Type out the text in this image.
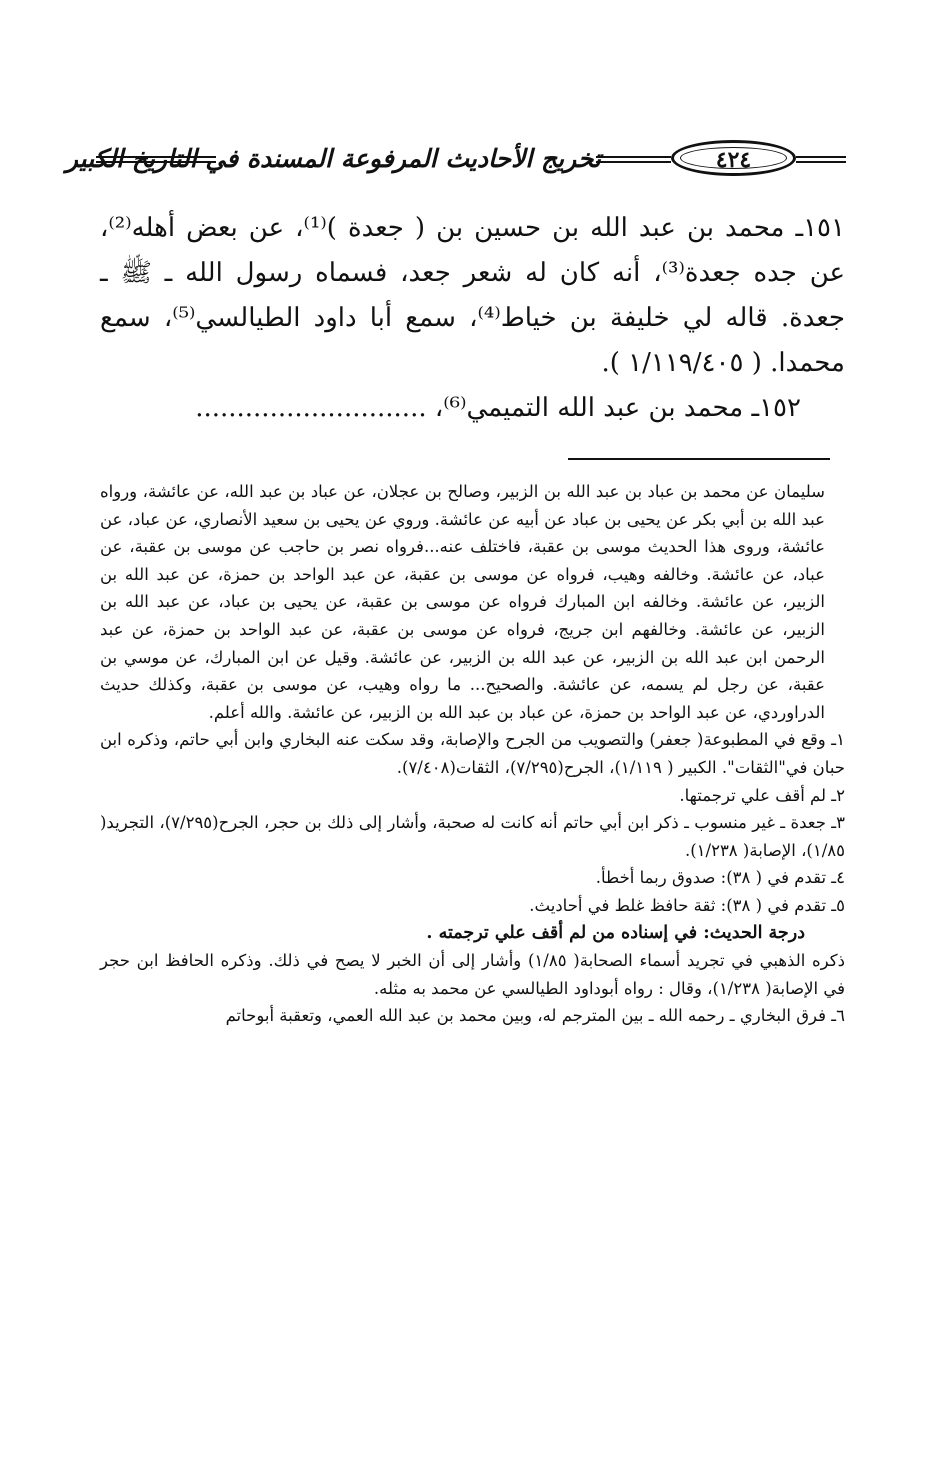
تخريج الأحاديث المرفوعة المسندة في التاريخ الكبير	٤٢٤

١٥١ـ محمد بن عبد الله بن حسين بن ( جعدة )⁽¹⁾، عن بعض أهله⁽²⁾، عن جده جعدة⁽³⁾، أنه كان له شعر جعد، فسماه رسول الله ـ ﷺ ـ جعدة. قاله لي خليفة بن خياط⁽⁴⁾، سمع أبا داود الطيالسي⁽⁵⁾، سمع محمدا. ( ١/١١٩/٤٠٥ ).

١٥٢ـ محمد بن عبد الله التميمي⁽⁶⁾، ............................

سليمان عن محمد بن عباد بن عبد الله بن الزبير، وصالح بن عجلان، عن عباد بن عبد الله، عن عائشة، ورواه عبد الله بن أبي بكر عن يحيى بن عباد عن أبيه عن عائشة. وروي عن يحيى بن سعيد الأنصاري، عن عباد، عن عائشة، وروى هذا الحديث موسى بن عقبة، فاختلف عنه...فرواه نصر بن حاجب عن موسى بن عقبة، عن عباد، عن عائشة. وخالفه وهيب، فرواه عن موسى بن عقبة، عن عبد الواحد بن حمزة، عن عبد الله بن الزبير، عن عائشة. وخالفه ابن المبارك فرواه عن موسى بن عقبة، عن يحيى بن عباد، عن عبد الله بن الزبير، عن عائشة. وخالفهم ابن جريج، فرواه عن موسى بن عقبة، عن عبد الواحد بن حمزة، عن عبد الرحمن ابن عبد الله بن الزبير، عن عبد الله بن الزبير، عن عائشة. وقيل عن ابن المبارك، عن موسي بن عقبة، عن رجل لم يسمه، عن عائشة. والصحيح... ما رواه وهيب، عن موسى بن عقبة، وكذلك حديث الدراوردي، عن عبد الواحد بن حمزة، عن عباد بن عبد الله بن الزبير، عن عائشة. والله أعلم.

١ـ وقع في المطبوعة( جعفر) والتصويب من الجرح والإصابة، وقد سكت عنه البخاري وابن أبي حاتم، وذكره ابن حبان في"الثقات". الكبير ( ١/١١٩)، الجرح(٧/٢٩٥)، الثقات(٧/٤٠٨).

٢ـ لم أقف علي ترجمتها.

٣ـ جعدة ـ غير منسوب ـ ذكر ابن أبي حاتم أنه كانت له صحبة، وأشار إلى ذلك بن حجر، الجرح(٧/٢٩٥)، التجريد( ١/٨٥)، الإصابة( ١/٢٣٨).

٤ـ تقدم في ( ٣٨): صدوق ربما أخطأ.

٥ـ تقدم في ( ٣٨): ثقة حافظ غلط في أحاديث.

درجة الحديث: في إسناده من لم أقف علي ترجمته .

ذكره الذهبي في تجريد أسماء الصحابة( ١/٨٥) وأشار إلى أن الخبر لا يصح في ذلك. وذكره الحافظ ابن حجر في الإصابة( ١/٢٣٨)، وقال : رواه أبوداود الطيالسي عن محمد به مثله.

٦ـ فرق البخاري ـ رحمه الله ـ بين المترجم له، وبين محمد بن عبد الله العمي، وتعقبة أبوحاتم
